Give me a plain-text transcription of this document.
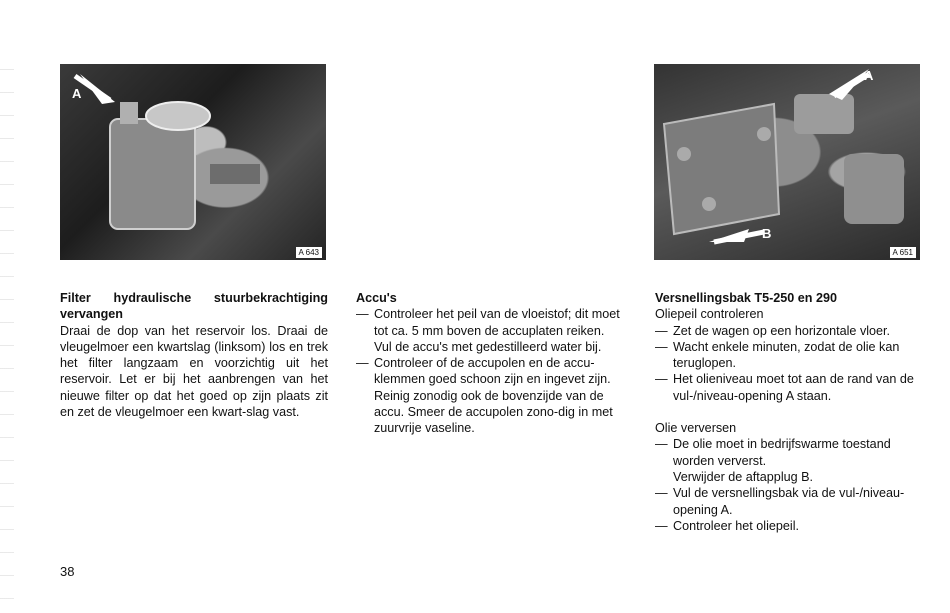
A
A 643
A
B
A 651

Filter hydraulische stuurbekrachtiging vervangen

Draai de dop van het reservoir los. Draai de vleugelmoer een kwartslag (linksom) los en trek het filter langzaam en voorzichtig uit het reservoir. Let er bij het aanbrengen van het nieuwe filter op dat het goed op zijn plaats zit en zet de vleugelmoer een kwart-slag vast.

Accu's

— Controleer het peil van de vloeistof; dit moet tot ca. 5 mm boven de accuplaten reiken. Vul de accu's met gedestilleerd water bij.
— Controleer of de accupolen en de accu-klemmen goed schoon zijn en ingevet zijn. Reinig zonodig ook de bovenzijde van de accu. Smeer de accupolen zono-dig in met zuurvrije vaseline.

Versnellingsbak T5-250 en 290

Oliepeil controleren

— Zet de wagen op een horizontale vloer.
— Wacht enkele minuten, zodat de olie kan teruglopen.
— Het olieniveau moet tot aan de rand van de vul-/niveau-opening A staan.

Olie verversen

— De olie moet in bedrijfswarme toestand worden ververst.
Verwijder de aftapplug B.
— Vul de versnellingsbak via de vul-/niveau-opening A.
— Controleer het oliepeil.
38
